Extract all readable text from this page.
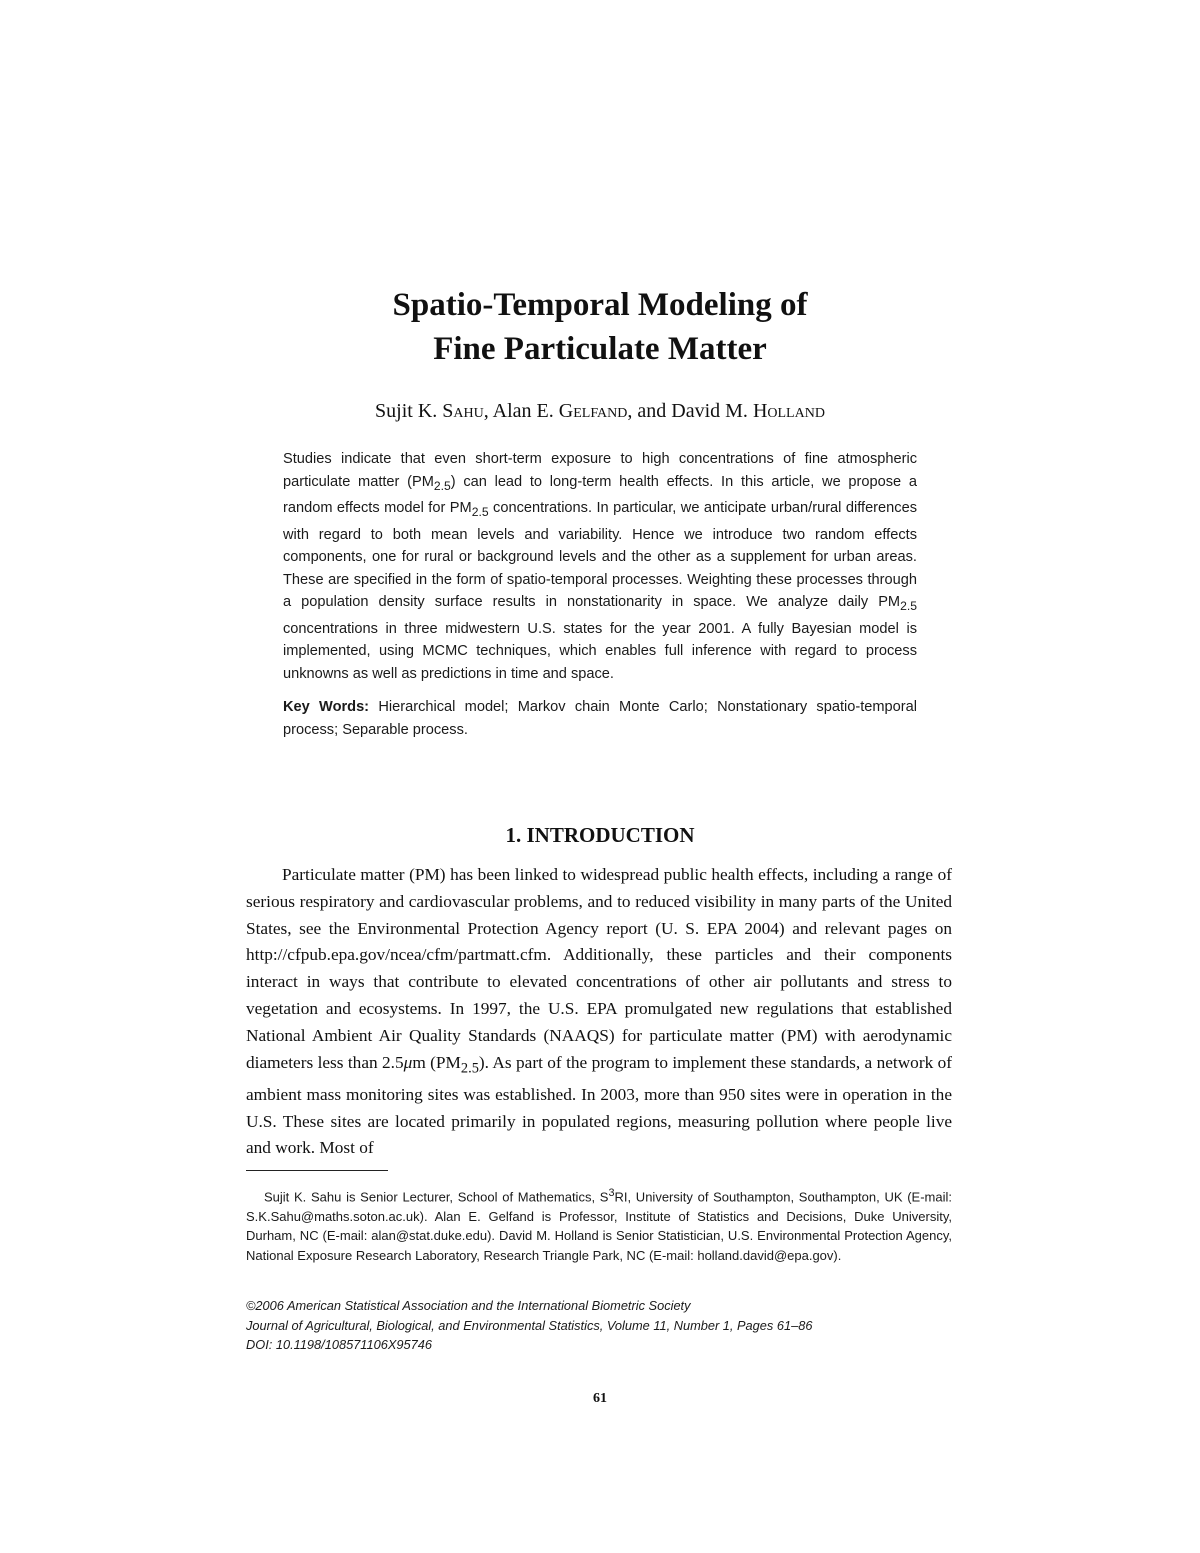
Spatio-Temporal Modeling of
Fine Particulate Matter
Sujit K. Sahu, Alan E. Gelfand, and David M. Holland
Studies indicate that even short-term exposure to high concentrations of fine atmospheric particulate matter $(PM_{2.5})$ can lead to long-term health effects. In this article, we propose a random effects model for $PM_{2.5}$ concentrations. In particular, we anticipate urban/rural differences with regard to both mean levels and variability. Hence we introduce two random effects components, one for rural or background levels and the other as a supplement for urban areas. These are specified in the form of spatio-temporal processes. Weighting these processes through a population density surface results in nonstationarity in space. We analyze daily $PM_{2.5}$ concentrations in three midwestern U.S. states for the year 2001. A fully Bayesian model is implemented, using MCMC techniques, which enables full inference with regard to process unknowns as well as predictions in time and space.
Key Words: Hierarchical model; Markov chain Monte Carlo; Nonstationary spatio-temporal process; Separable process.
1. INTRODUCTION

Particulate matter (PM) has been linked to widespread public health effects, including a range of serious respiratory and cardiovascular problems, and to reduced visibility in many parts of the United States, see the Environmental Protection Agency report (U. S. EPA 2004) and relevant pages on http://cfpub.epa.gov/ncea/cfm/partmatt.cfm. Additionally, these particles and their components interact in ways that contribute to elevated concentrations of other air pollutants and stress to vegetation and ecosystems. In 1997, the U.S. EPA promulgated new regulations that established National Ambient Air Quality Standards (NAAQS) for particulate matter (PM) with aerodynamic diameters less than 2.5μm $(PM_{2.5})$. As part of the program to implement these standards, a network of ambient mass monitoring sites was established. In 2003, more than 950 sites were in operation in the U.S. These sites are located primarily in populated regions, measuring pollution where people live and work. Most of

Sujit K. Sahu is Senior Lecturer, School of Mathematics, $S^3RI$, University of Southampton, Southampton, UK (E-mail: S.K.Sahu@maths.soton.ac.uk). Alan E. Gelfand is Professor, Institute of Statistics and Decisions, Duke University, Durham, NC (E-mail: alan@stat.duke.edu). David M. Holland is Senior Statistician, U.S. Environmental Protection Agency, National Exposure Research Laboratory, Research Triangle Park, NC (E-mail: holland.david@epa.gov).
©2006 American Statistical Association and the International Biometric Society
Journal of Agricultural, Biological, and Environmental Statistics, Volume 11, Number 1, Pages 61–86
DOI: 10.1198/108571106X95746
61
